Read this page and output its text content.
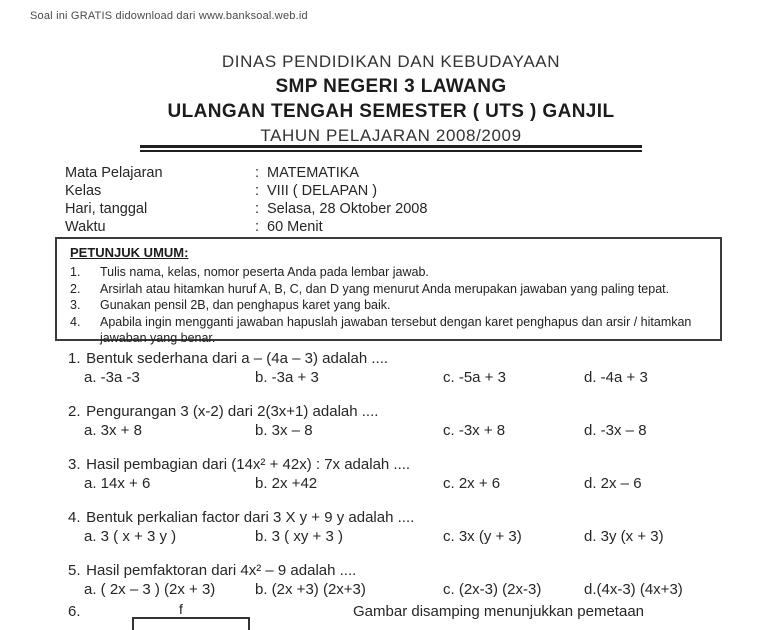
Soal ini GRATIS didownload dari www.banksoal.web.id
DINAS PENDIDIKAN DAN KEBUDAYAAN
SMP NEGERI 3 LAWANG
ULANGAN TENGAH SEMESTER ( UTS ) GANJIL
TAHUN PELAJARAN 2008/2009
Mata Pelajaran	: MATEMATIKA
Kelas	: VIII ( DELAPAN )
Hari, tanggal	: Selasa, 28 Oktober 2008
Waktu	: 60 Menit
PETUNJUK UMUM:
1.	Tulis nama, kelas, nomor peserta Anda pada lembar jawab.
2.	Arsirlah atau hitamkan huruf A, B, C, dan D yang menurut Anda merupakan jawaban yang paling tepat.
3.	Gunakan pensil 2B, dan penghapus karet yang baik.
4.	Apabila ingin mengganti jawaban hapuslah jawaban tersebut dengan karet penghapus dan arsir / hitamkan jawaban yang benar.
1. Bentuk sederhana dari a – (4a – 3) adalah ....
a. -3a -3	b. -3a + 3	c. -5a + 3	d. -4a + 3
2. Pengurangan 3 (x-2) dari 2(3x+1) adalah ....
a. 3x + 8	b. 3x – 8	c. -3x + 8	d. -3x – 8
3. Hasil pembagian dari (14x² + 42x) : 7x adalah ....
a. 14x + 6	b. 2x +42	c. 2x + 6	d. 2x – 6
4. Bentuk perkalian factor dari 3 X y + 9 y adalah ....
a. 3 ( x + 3 y )	b. 3 ( xy + 3 )	c. 3x (y + 3)	d. 3y (x + 3)
5. Hasil pemfaktoran dari 4x² – 9 adalah ....
a. ( 2x – 3 ) (2x + 3)	b. (2x +3) (2x+3)	c. (2x-3) (2x-3)	d.(4x-3) (4x+3)
6.	f	Gambar disamping menunjukkan pemetaan
